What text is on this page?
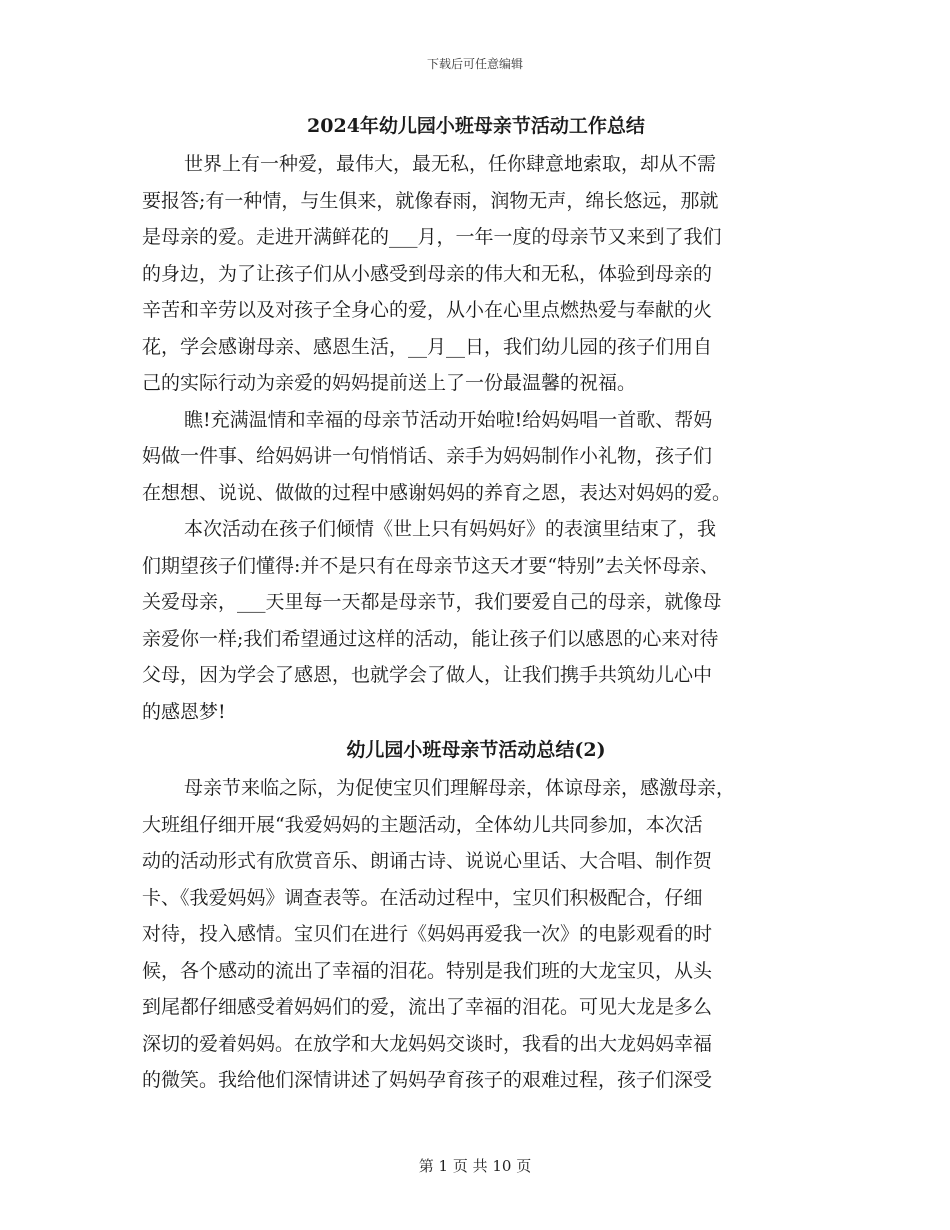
下载后可任意编辑
2024年幼儿园小班母亲节活动工作总结

世界上有一种爱，最伟大，最无私，任你肆意地索取，却从不需

要报答;有一种情，与生俱来，就像春雨，润物无声，绵长悠远，那就

是母亲的爱。走进开满鲜花的___月，一年一度的母亲节又来到了我们

的身边，为了让孩子们从小感受到母亲的伟大和无私，体验到母亲的

辛苦和辛劳以及对孩子全身心的爱，从小在心里点燃热爱与奉献的火

花，学会感谢母亲、感恩生活，__月__日，我们幼儿园的孩子们用自

己的实际行动为亲爱的妈妈提前送上了一份最温馨的祝福。

瞧!充满温情和幸福的母亲节活动开始啦!给妈妈唱一首歌、帮妈

妈做一件事、给妈妈讲一句悄悄话、亲手为妈妈制作小礼物，孩子们

在想想、说说、做做的过程中感谢妈妈的养育之恩，表达对妈妈的爱。

本次活动在孩子们倾情《世上只有妈妈好》的表演里结束了，我

们期望孩子们懂得:并不是只有在母亲节这天才要“特别”去关怀母亲、

关爱母亲，___天里每一天都是母亲节，我们要爱自己的母亲，就像母

亲爱你一样;我们希望通过这样的活动，能让孩子们以感恩的心来对待

父母，因为学会了感恩，也就学会了做人，让我们携手共筑幼儿心中

的感恩梦!

幼儿园小班母亲节活动总结(2)

母亲节来临之际，为促使宝贝们理解母亲，体谅母亲，感激母亲，

大班组仔细开展“我爱妈妈的主题活动，全体幼儿共同参加，本次活

动的活动形式有欣赏音乐、朗诵古诗、说说心里话、大合唱、制作贺

卡、《我爱妈妈》调查表等。在活动过程中，宝贝们积极配合，仔细

对待，投入感情。宝贝们在进行《妈妈再爱我一次》的电影观看的时

候，各个感动的流出了幸福的泪花。特别是我们班的大龙宝贝，从头

到尾都仔细感受着妈妈们的爱，流出了幸福的泪花。可见大龙是多么

深切的爱着妈妈。在放学和大龙妈妈交谈时，我看的出大龙妈妈幸福

的微笑。我给他们深情讲述了妈妈孕育孩子的艰难过程，孩子们深受

第 1 页 共 10 页
